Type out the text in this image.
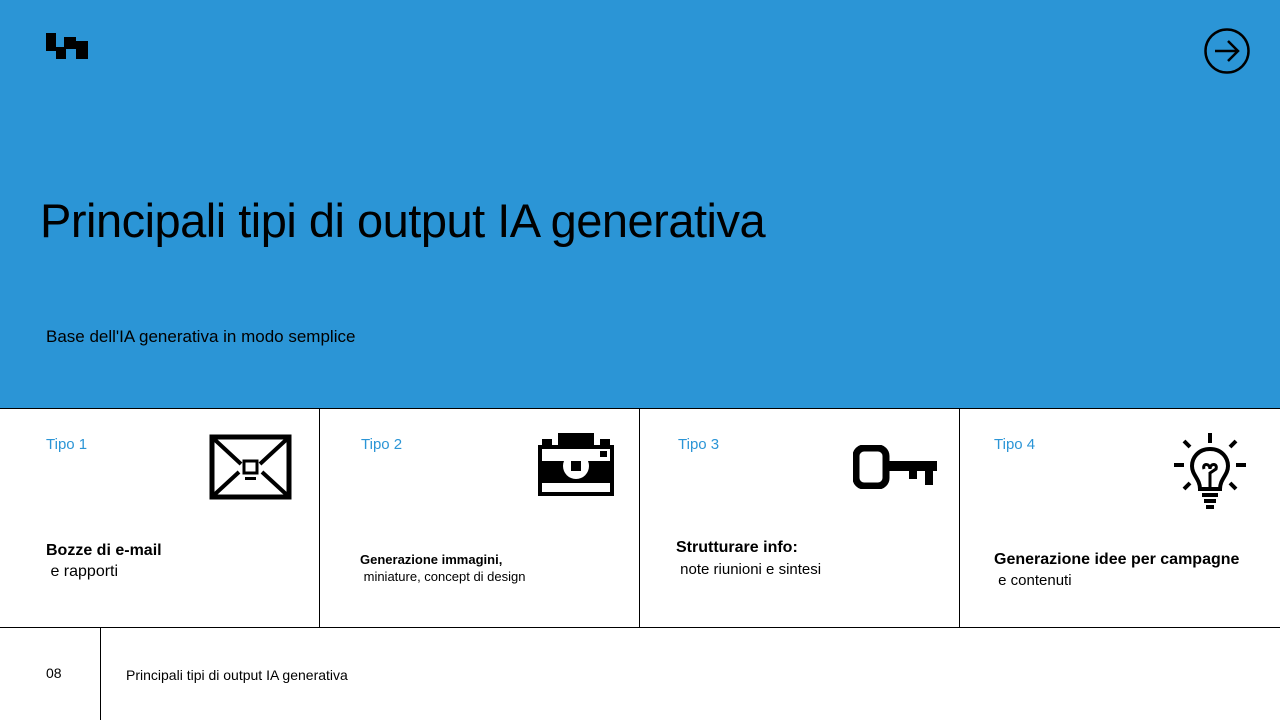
Principali tipi di output IA generativa
Base dell'IA generativa in modo semplice
Tipo 1
Bozze di e-mail
e rapporti
Tipo 2
Generazione immagini,
miniature, concept di design
Tipo 3
Strutturare info:
note riunioni e sintesi
Tipo 4
Generazione idee per campagne
e contenuti
08	Principali tipi di output IA generativa
